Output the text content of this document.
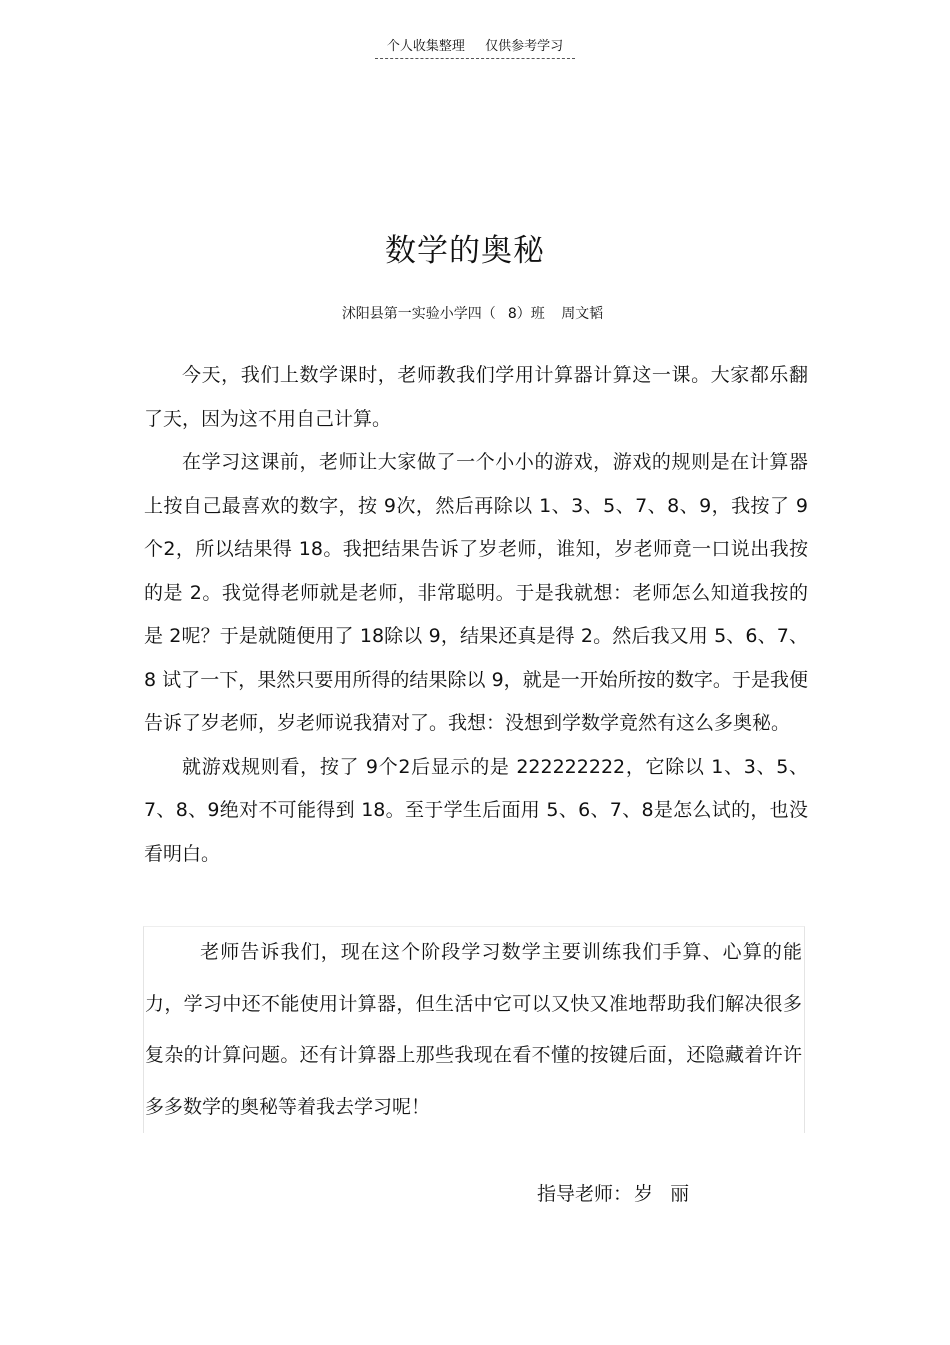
个人收集整理 仅供参考学习
数学的奥秘
沭阳县第一实验小学四（ 8）班 周文韬

今天，我们上数学课时，老师教我们学用计算器计算这一课。大家都乐翻了天，因为这不用自己计算。

在学习这课前，老师让大家做了一个小小的游戏，游戏的规则是在计算器上按自己最喜欢的数字，按 9次，然后再除以 1、3、5、7、8、9，我按了 9个2，所以结果得 18。我把结果告诉了岁老师，谁知，岁老师竟一口说出我按的是 2。我觉得老师就是老师，非常聪明。于是我就想：老师怎么知道我按的是 2呢？于是就随便用了 18除以 9，结果还真是得 2。然后我又用 5、6、7、8 试了一下，果然只要用所得的结果除以 9，就是一开始所按的数字。于是我便告诉了岁老师，岁老师说我猜对了。我想：没想到学数学竟然有这么多奥秘。

就游戏规则看，按了 9个2后显示的是 222222222，它除以 1、3、5、7、8、9绝对不可能得到 18。至于学生后面用 5、6、7、8是怎么试的，也没看明白。

老师告诉我们，现在这个阶段学习数学主要训练我们手算、心算的能力，学习中还不能使用计算器，但生活中它可以又快又准地帮助我们解决很多复杂的计算问题。还有计算器上那些我现在看不懂的按键后面，还隐藏着许许多多数学的奥秘等着我去学习呢！

指导老师： 岁丽
